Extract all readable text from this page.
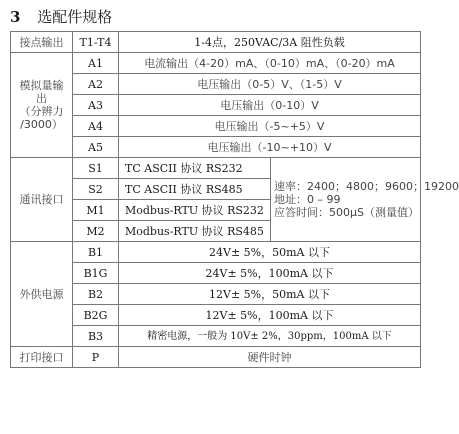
3 选配件规格
接点输出	T1-T4	1-4点，250VAC/3A 阻性负载	

模拟量输
出
（分辨力
/3000）	A1	电流输出（4-20）mA、（0-10）mA、（0-20）mA	
	A2	电压输出（0-5）V、（1-5）V	
	A3	电压输出（0-10）V	
	A4	电压输出（-5~+5）V	
	A5	电压输出（-10~+10）V	
通讯接口	S1	TC ASCII 协议 RS232	速率：2400；4800；9600；19200
地址：0 – 99
应答时间：500μS（测量值）

	S2	TC ASCII 协议 RS485	
	M1	Modbus-RTU 协议 RS232	
	M2	Modbus-RTU 协议 RS485	
外供电源	B1	24V± 5%，50mA 以下	
	B1G	24V± 5%，100mA 以下	
	B2	12V± 5%，50mA 以下	
	B2G	12V± 5%，100mA 以下	
	B3	精密电源，一般为 10V± 2%，30ppm，100mA 以下	
打印接口	P	硬件时钟	
